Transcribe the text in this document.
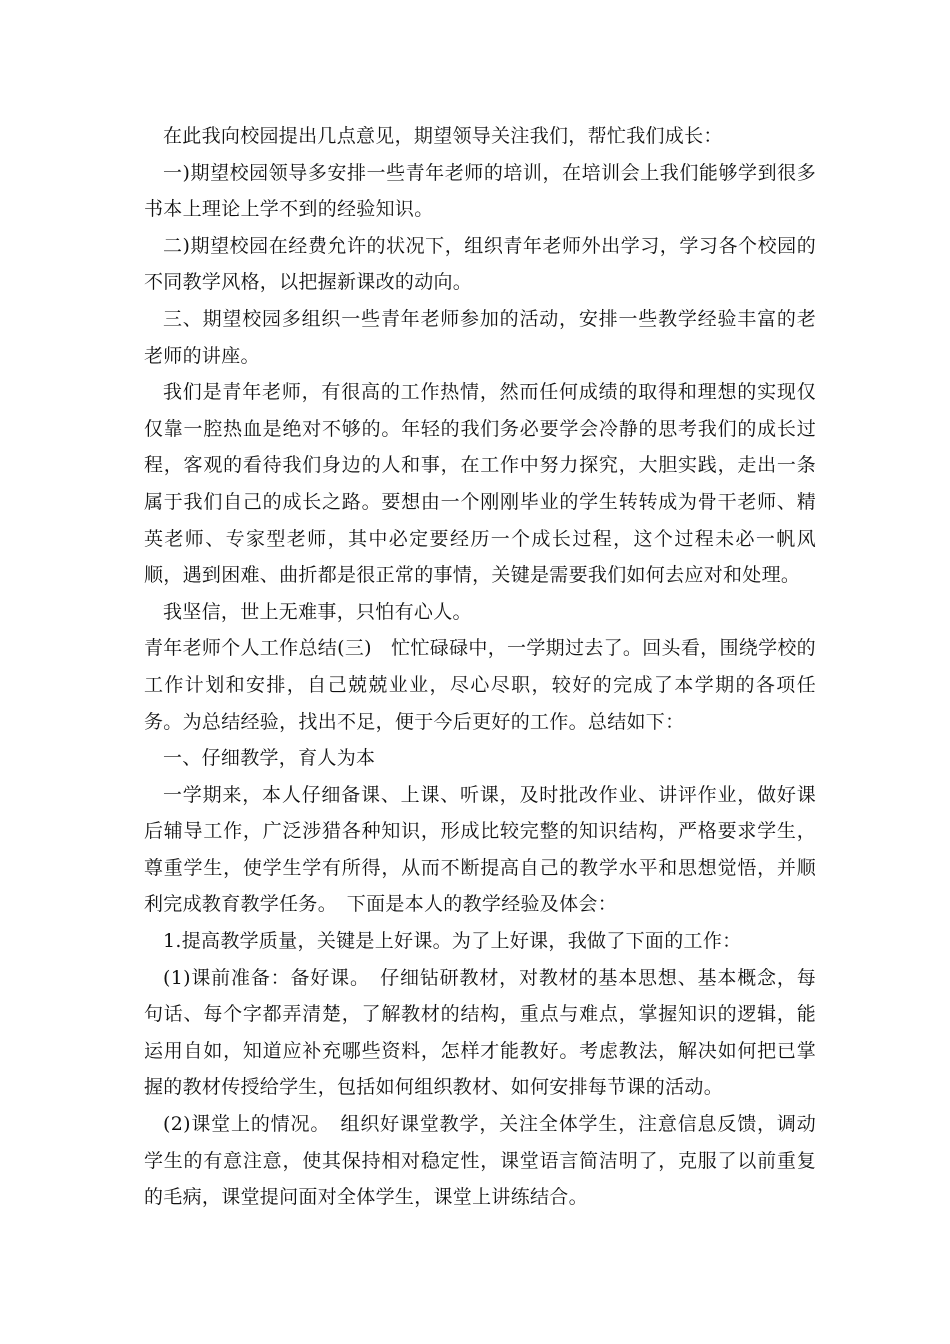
在此我向校园提出几点意见，期望领导关注我们，帮忙我们成长：

一)期望校园领导多安排一些青年老师的培训，在培训会上我们能够学到很多书本上理论上学不到的经验知识。

二)期望校园在经费允许的状况下，组织青年老师外出学习，学习各个校园的不同教学风格，以把握新课改的动向。

三、期望校园多组织一些青年老师参加的活动，安排一些教学经验丰富的老老师的讲座。

我们是青年老师，有很高的工作热情，然而任何成绩的取得和理想的实现仅仅靠一腔热血是绝对不够的。年轻的我们务必要学会冷静的思考我们的成长过程，客观的看待我们身边的人和事，在工作中努力探究，大胆实践，走出一条属于我们自己的成长之路。要想由一个刚刚毕业的学生转转成为骨干老师、精英老师、专家型老师，其中必定要经历一个成长过程，这个过程未必一帆风顺，遇到困难、曲折都是很正常的事情，关键是需要我们如何去应对和处理。

我坚信，世上无难事，只怕有心人。

青年老师个人工作总结(三)　忙忙碌碌中，一学期过去了。回头看，围绕学校的工作计划和安排，自己兢兢业业，尽心尽职，较好的完成了本学期的各项任务。为总结经验，找出不足，便于今后更好的工作。总结如下：

一、仔细教学，育人为本

一学期来，本人仔细备课、上课、听课，及时批改作业、讲评作业，做好课后辅导工作，广泛涉猎各种知识，形成比较完整的知识结构，严格要求学生，尊重学生，使学生学有所得，从而不断提高自己的教学水平和思想觉悟，并顺利完成教育教学任务。　下面是本人的教学经验及体会：

1.提高教学质量，关键是上好课。为了上好课，我做了下面的工作：

(1)课前准备：备好课。　仔细钻研教材，对教材的基本思想、基本概念，每句话、每个字都弄清楚，了解教材的结构，重点与难点，掌握知识的逻辑，能运用自如，知道应补充哪些资料，怎样才能教好。考虑教法，解决如何把已掌握的教材传授给学生，包括如何组织教材、如何安排每节课的活动。

(2)课堂上的情况。　组织好课堂教学，关注全体学生，注意信息反馈，调动学生的有意注意，使其保持相对稳定性，课堂语言简洁明了，克服了以前重复的毛病，课堂提问面对全体学生，课堂上讲练结合。
